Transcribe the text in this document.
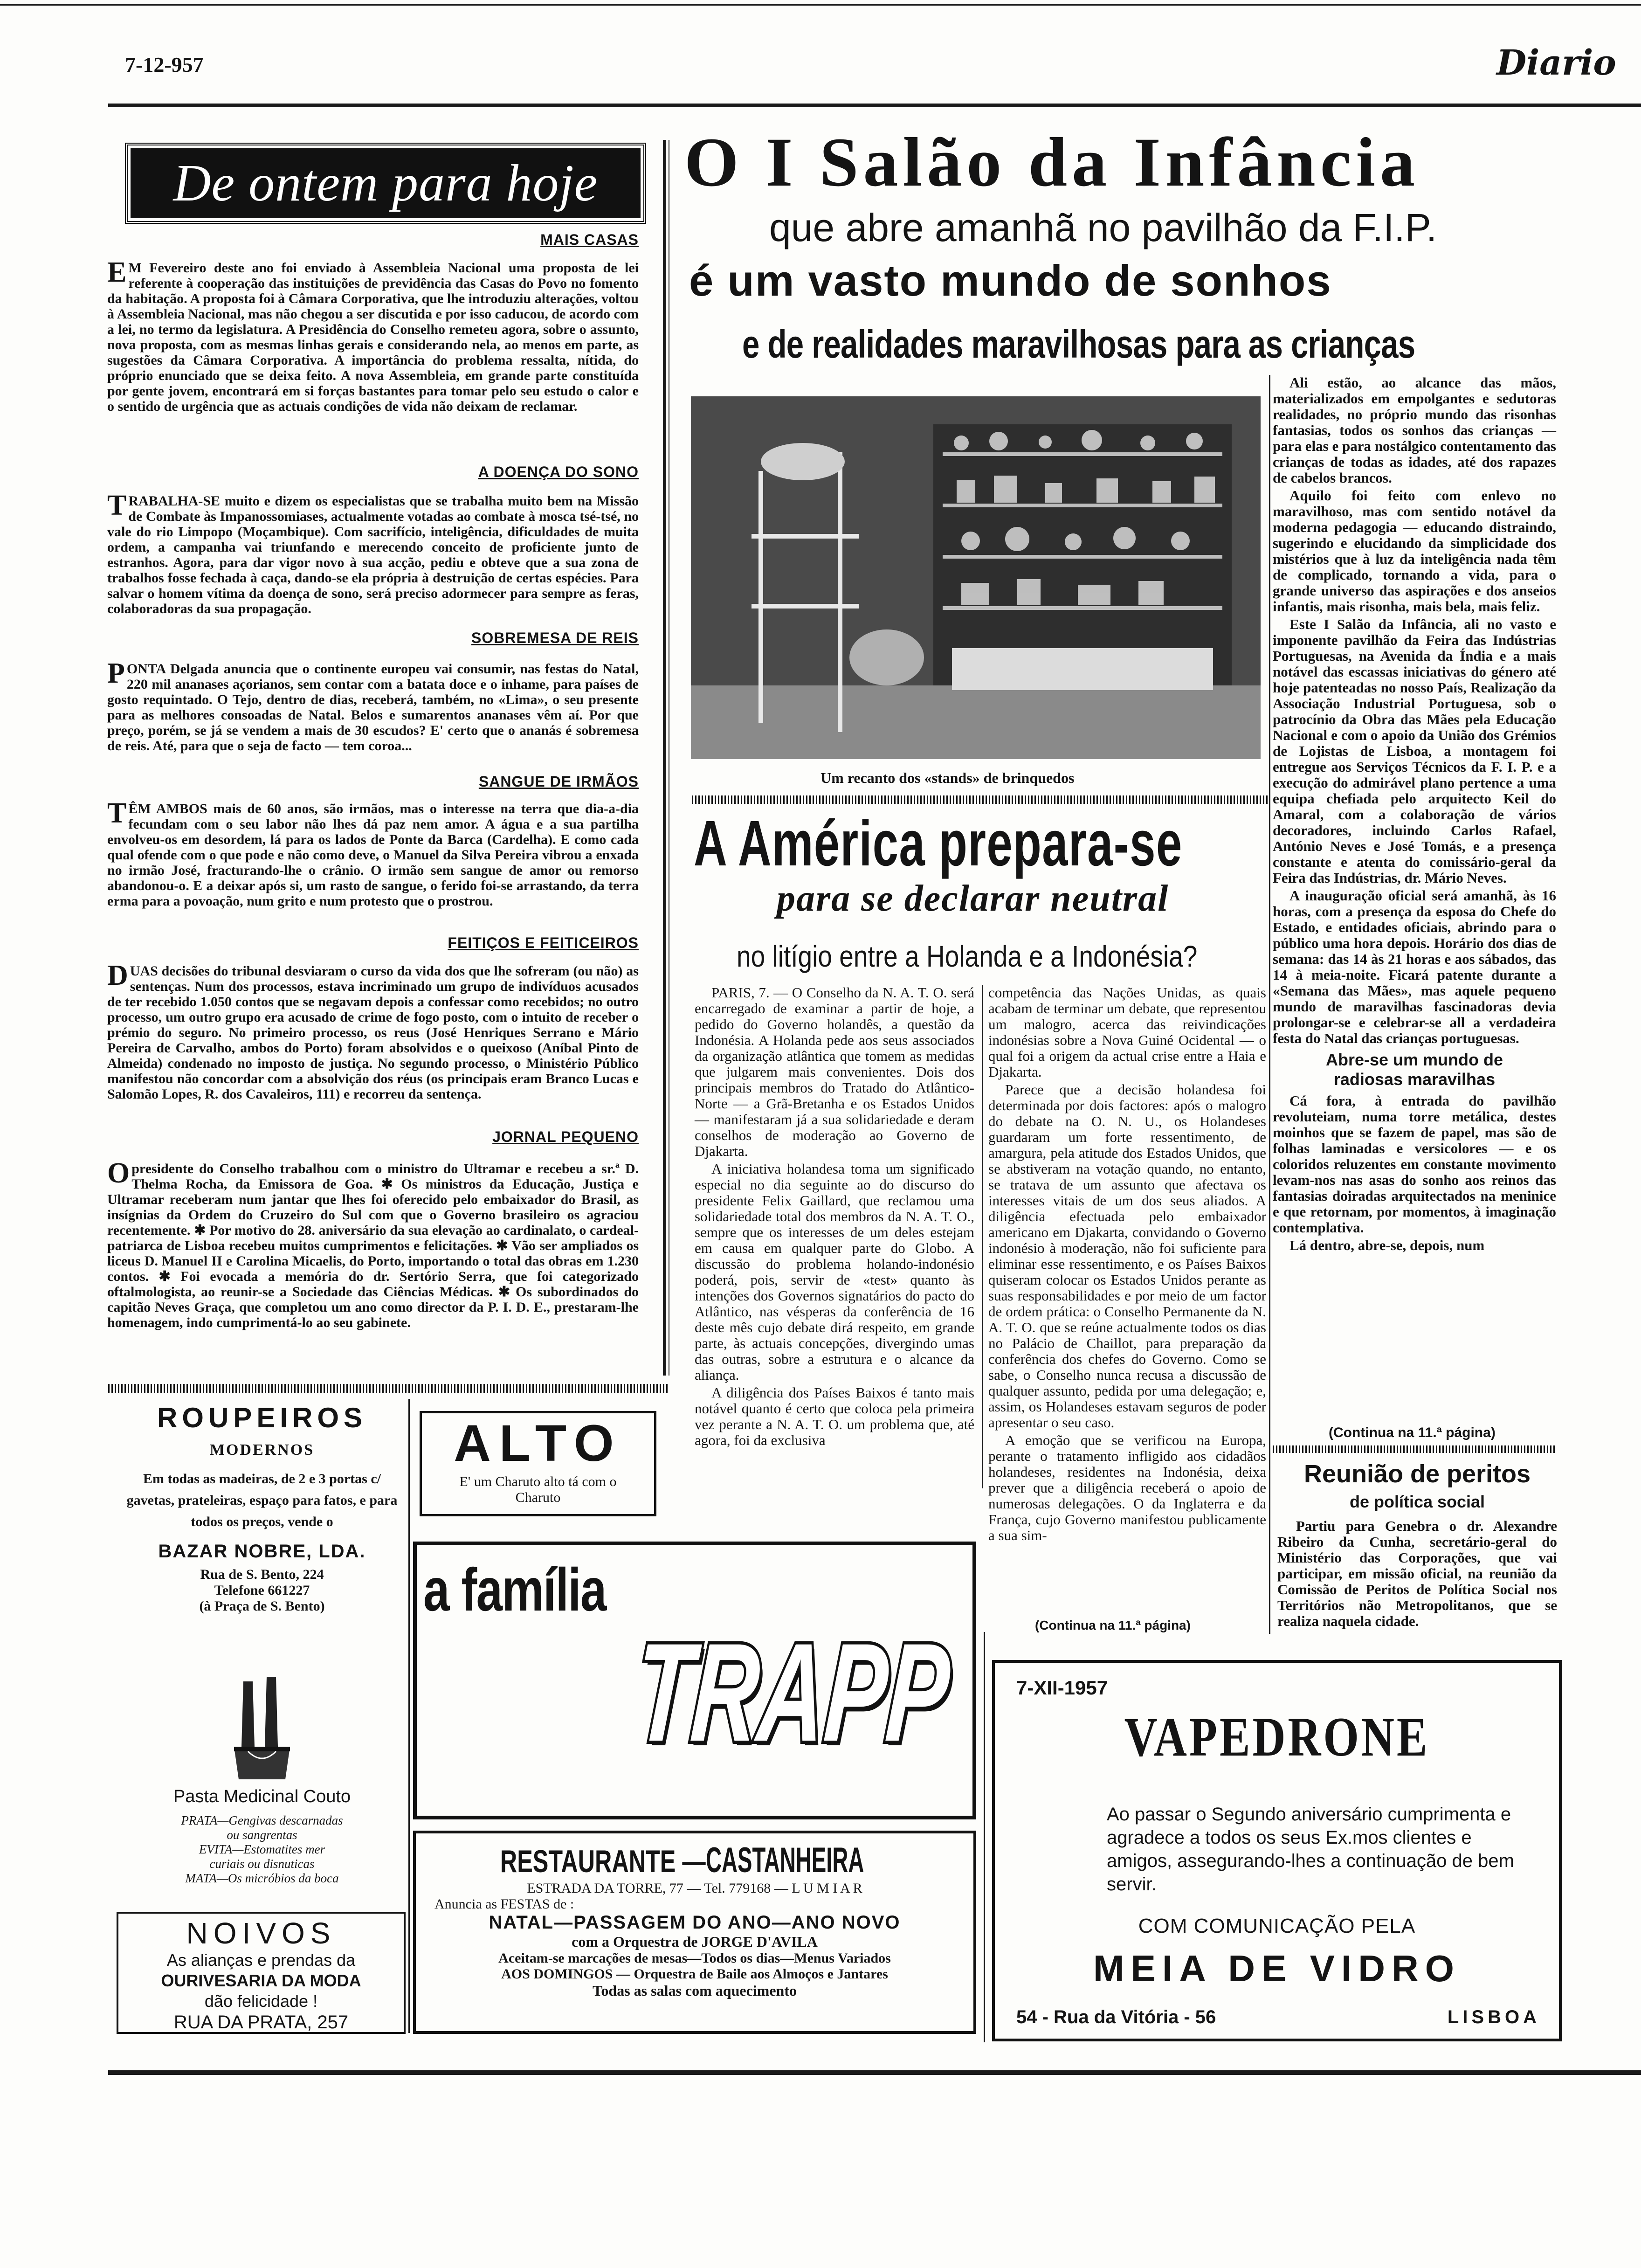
7-12-957	Diario
De ontem para hoje
MAIS CASAS
EM Fevereiro deste ano foi enviado à Assembleia Nacional uma proposta de lei referente à cooperação das instituições de previdência das Casas do Povo no fomento da habitação. A proposta foi à Câmara Corporativa, que lhe introduziu alterações, voltou à Assembleia Nacional, mas não chegou a ser discutida e por isso caducou, de acordo com a lei, no termo da legislatura. A Presidência do Conselho remeteu agora, sobre o assunto, nova proposta, com as mesmas linhas gerais e considerando nela, ao menos em parte, as sugestões da Câmara Corporativa. A importância do problema ressalta, nítida, do próprio enunciado que se deixa feito. A nova Assembleia, em grande parte constituída por gente jovem, encontrará em si forças bastantes para tomar pelo seu estudo o calor e o sentido de urgência que as actuais condições de vida não deixam de reclamar.
A DOENÇA DO SONO
TRABALHA-SE muito e dizem os especialistas que se trabalha muito bem na Missão de Combate às Impanossomiases, actualmente votadas ao combate à mosca tsé-tsé, no vale do rio Limpopo (Moçambique). Com sacrifício, inteligência, dificuldades de muita ordem, a campanha vai triunfando e merecendo conceito de proficiente junto de estranhos. Agora, para dar vigor novo à sua acção, pediu e obteve que a sua zona de trabalhos fosse fechada à caça, dando-se ela própria à destruição de certas espécies. Para salvar o homem vítima da doença de sono, será preciso adormecer para sempre as feras, colaboradoras da sua propagação.
SOBREMESA DE REIS
PONTA Delgada anuncia que o continente europeu vai consumir, nas festas do Natal, 220 mil ananases açorianos, sem contar com a batata doce e o inhame, para países de gosto requintado. O Tejo, dentro de dias, receberá, também, no «Lima», o seu presente para as melhores consoadas de Natal. Belos e sumarentos ananases vêm aí. Por que preço, porém, se já se vendem a mais de 30 escudos? E' certo que o ananás é sobremesa de reis. Até, para que o seja de facto — tem coroa...
SANGUE DE IRMÃOS
TÊM AMBOS mais de 60 anos, são irmãos, mas o interesse na terra que dia-a-dia fecundam com o seu labor não lhes dá paz nem amor. A água e a sua partilha envolveu-os em desordem, lá para os lados de Ponte da Barca (Cardelha). E como cada qual ofende com o que pode e não como deve, o Manuel da Silva Pereira vibrou a enxada no irmão José, fracturando-lhe o crânio. O irmão sem sangue de amor ou remorso abandonou-o. E a deixar após si, um rasto de sangue, o ferido foi-se arrastando, da terra erma para a povoação, num grito e num protesto que o prostrou.
FEITIÇOS E FEITICEIROS
DUAS decisões do tribunal desviaram o curso da vida dos que lhe sofreram (ou não) as sentenças. Num dos processos, estava incriminado um grupo de indivíduos acusados de ter recebido 1.050 contos que se negavam depois a confessar como recebidos; no outro processo, um outro grupo era acusado de crime de fogo posto, com o intuito de receber o prémio do seguro. No primeiro processo, os reus (José Henriques Serrano e Mário Pereira de Carvalho, ambos do Porto) foram absolvidos e o queixoso (Aníbal Pinto de Almeida) condenado no imposto de justiça. No segundo processo, o Ministério Público manifestou não concordar com a absolvição dos réus (os principais eram Branco Lucas e Salomão Lopes, R. dos Cavaleiros, 111) e recorreu da sentença.
JORNAL PEQUENO
Opresidente do Conselho trabalhou com o ministro do Ultramar e recebeu a sr.ª D. Thelma Rocha, da Emissora de Goa. ✱ Os ministros da Educação, Justiça e Ultramar receberam num jantar que lhes foi oferecido pelo embaixador do Brasil, as insígnias da Ordem do Cruzeiro do Sul com que o Governo brasileiro os agraciou recentemente. ✱ Por motivo do 28. aniversário da sua elevação ao cardinalato, o cardeal-patriarca de Lisboa recebeu muitos cumprimentos e felicitações. ✱ Vão ser ampliados os liceus D. Manuel II e Carolina Micaelis, do Porto, importando o total das obras em 1.230 contos. ✱ Foi evocada a memória do dr. Sertório Serra, que foi categorizado oftalmologista, ao reunir-se a Sociedade das Ciências Médicas. ✱ Os subordinados do capitão Neves Graça, que completou um ano como director da P. I. D. E., prestaram-lhe homenagem, indo cumprimentá-lo ao seu gabinete.
O I Salão da Infância
que abre amanhã no pavilhão da F.I.P.
é um vasto mundo de sonhos
e de realidades maravilhosas para as crianças
Um recanto dos «stands» de brinquedos

Ali estão, ao alcance das mãos, materializados em empolgantes e sedutoras realidades, no próprio mundo das risonhas fantasias, todos os sonhos das crianças — para elas e para nostálgico contentamento das crianças de todas as idades, até dos rapazes de cabelos brancos.

Aquilo foi feito com enlevo no maravilhoso, mas com sentido notável da moderna pedagogia — educando distraindo, sugerindo e elucidando da simplicidade dos mistérios que à luz da inteligência nada têm de complicado, tornando a vida, para o grande universo das aspirações e dos anseios infantis, mais risonha, mais bela, mais feliz.

Este I Salão da Infância, ali no vasto e imponente pavilhão da Feira das Indústrias Portuguesas, na Avenida da Índia e a mais notável das escassas iniciativas do género até hoje patenteadas no nosso País, Realização da Associação Industrial Portuguesa, sob o patrocínio da Obra das Mães pela Educação Nacional e com o apoio da União dos Grémios de Lojistas de Lisboa, a montagem foi entregue aos Serviços Técnicos da F. I. P. e a execução do admirável plano pertence a uma equipa chefiada pelo arquitecto Keil do Amaral, com a colaboração de vários decoradores, incluindo Carlos Rafael, António Neves e José Tomás, e a presença constante e atenta do comissário-geral da Feira das Indústrias, dr. Mário Neves.

A inauguração oficial será amanhã, às 16 horas, com a presença da esposa do Chefe do Estado, e entidades oficiais, abrindo para o público uma hora depois. Horário dos dias de semana: das 14 às 21 horas e aos sábados, das 14 à meia-noite. Ficará patente durante a «Semana das Mães», mas aquele pequeno mundo de maravilhas fascinadoras devia prolongar-se e celebrar-se all a verdadeira festa do Natal das crianças portuguesas.

Abre-se um mundo de radiosas maravilhas

Cá fora, à entrada do pavilhão revoluteiam, numa torre metálica, destes moinhos que se fazem de papel, mas são de folhas laminadas e versicolores — e os coloridos reluzentes em constante movimento levam-nos nas asas do sonho aos reinos das fantasias doiradas arquitectados na meninice e que retornam, por momentos, à imaginação contemplativa.

Lá dentro, abre-se, depois, num

(Continua na 11.ª página)
A América prepara-se
para se declarar neutral
no litígio entre a Holanda e a Indonésia?

PARIS, 7. — O Conselho da N. A. T. O. será encarregado de examinar a partir de hoje, a pedido do Governo holandês, a questão da Indonésia. A Holanda pede aos seus associados da organização atlântica que tomem as medidas que julgarem mais convenientes. Dois dos principais membros do Tratado do Atlântico-Norte — a Grã-Bretanha e os Estados Unidos — manifestaram já a sua solidariedade e deram conselhos de moderação ao Governo de Djakarta.

A iniciativa holandesa toma um significado especial no dia seguinte ao do discurso do presidente Felix Gaillard, que reclamou uma solidariedade total dos membros da N. A. T. O., sempre que os interesses de um deles estejam em causa em qualquer parte do Globo. A discussão do problema holando-indonésio poderá, pois, servir de «test» quanto às intenções dos Governos signatários do pacto do Atlântico, nas vésperas da conferência de 16 deste mês cujo debate dirá respeito, em grande parte, às actuais concepções, divergindo umas das outras, sobre a estrutura e o alcance da aliança.

A diligência dos Países Baixos é tanto mais notável quanto é certo que coloca pela primeira vez perante a N. A. T. O. um problema que, até agora, foi da exclusiva

competência das Nações Unidas, as quais acabam de terminar um debate, que representou um malogro, acerca das reivindicações indonésias sobre a Nova Guiné Ocidental — o qual foi a origem da actual crise entre a Haia e Djakarta.

Parece que a decisão holandesa foi determinada por dois factores: após o malogro do debate na O. N. U., os Holandeses guardaram um forte ressentimento, de amargura, pela atitude dos Estados Unidos, que se abstiveram na votação quando, no entanto, se tratava de um assunto que afectava os interesses vitais de um dos seus aliados. A diligência efectuada pelo embaixador americano em Djakarta, convidando o Governo indonésio à moderação, não foi suficiente para eliminar esse ressentimento, e os Países Baixos quiseram colocar os Estados Unidos perante as suas responsabilidades e por meio de um factor de ordem prática: o Conselho Permanente da N. A. T. O. que se reúne actualmente todos os dias no Palácio de Chaillot, para preparação da conferência dos chefes do Governo. Como se sabe, o Conselho nunca recusa a discussão de qualquer assunto, pedida por uma delegação; e, assim, os Holandeses estavam seguros de poder apresentar o seu caso.

A emoção que se verificou na Europa, perante o tratamento infligido aos cidadãos holandeses, residentes na Indonésia, deixa prever que a diligência receberá o apoio de numerosas delegações. O da Inglaterra e da França, cujo Governo manifestou publicamente a sua sim-

(Continua na 11.ª página)
Reunião de peritos
de política social
Partiu para Genebra o dr. Alexandre Ribeiro da Cunha, secretário-geral do Ministério das Corporações, que vai participar, em missão oficial, na reunião da Comissão de Peritos de Política Social nos Territórios não Metropolitanos, que se realiza naquela cidade.
ROUPEIROS
MODERNOS
Em todas as madeiras, de 2 e 3 portas c/ gavetas, prateleiras, espaço para fatos, e para todos os preços, vende o
BAZAR NOBRE, LDA.
Rua de S. Bento, 224
Telefone 661227
(à Praça de S. Bento)
ALTO
E' um Charuto alto tá com o Charuto
Pasta Medicinal Couto
PRATA—Gengivas descarnadas
ou sangrentas
EVITA—Estomatites mer
curiais ou disnuticas
MATA—Os micróbios da boca
NOIVOS
As alianças e prendas da
OURIVESARIA DA MODA
dão felicidade !
RUA DA PRATA, 257
a família
TRAPP
RESTAURANTE —CASTANHEIRA
ESTRADA DA TORRE, 77 — Tel. 779168 — L U M I A R
Anuncia as FESTAS de :
NATAL—PASSAGEM DO ANO—ANO NOVO
com a Orquestra de JORGE D'AVILA
Aceitam-se marcações de mesas—Todos os dias—Menus Variados
AOS DOMINGOS — Orquestra de Baile aos Almoços e Jantares
Todas as salas com aquecimento
7-XII-1957
VAPEDRONE
Ao passar o Segundo aniversário cumprimenta e agradece a todos os seus Ex.mos clientes e amigos, assegurando-lhes a continuação de bem servir.
COM COMUNICAÇÃO PELA
MEIA DE VIDRO
54 - Rua da Vitória - 56	LISBOA
